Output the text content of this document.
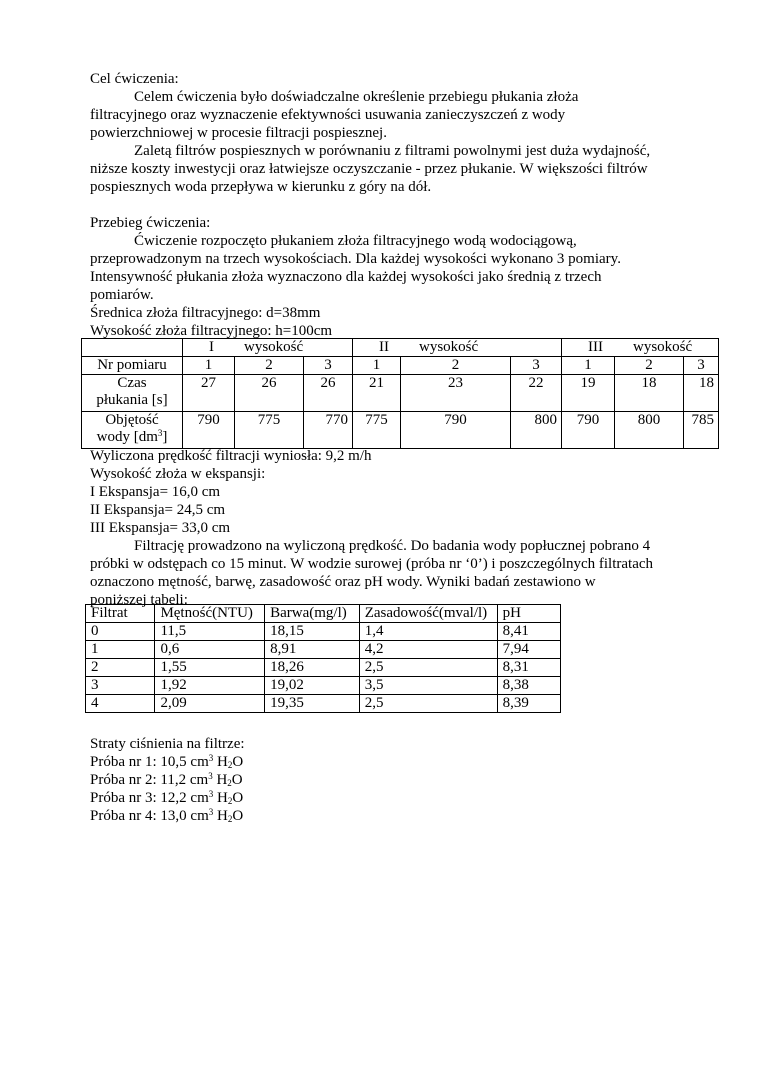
Cel ćwiczenia:

Celem ćwiczenia było doświadczalne określenie przebiegu płukania złoża

filtracyjnego oraz wyznaczenie efektywności usuwania zanieczyszczeń z wody

powierzchniowej w procesie filtracji pospiesznej.

Zaletą filtrów pospiesznych w porównaniu z filtrami powolnymi jest duża wydajność,

niższe koszty inwestycji oraz łatwiejsze oczyszczanie - przez płukanie. W większości filtrów

pospiesznych woda przepływa w kierunku z góry na dół.

Przebieg ćwiczenia:

Ćwiczenie rozpoczęto płukaniem złoża filtracyjnego wodą wodociągową,

przeprowadzonym na trzech wysokościach. Dla każdej wysokości wykonano 3 pomiary.

Intensywność płukania złoża wyznaczono dla każdej wysokości jako średnią z trzech

pomiarów.

Średnica złoża filtracyjnego: d=38mm

Wysokość złoża filtracyjnego: h=100cm

	I wysokość			II wysokość			III wysokość		
Nr pomiaru	1	2	3	1	2	3	1	2	3
Czas
płukania [s]	27	26	26	21	23	22	19	18	18
Objętość
wody $[dm^3]$	790	775	770	775	790	800	790	800	785

Wyliczona prędkość filtracji wyniosła: 9,2 m/h

Wysokość złoża w ekspansji:

I Ekspansja= 16,0 cm

II Ekspansja= 24,5 cm

III Ekspansja= 33,0 cm

Filtrację prowadzono na wyliczoną prędkość. Do badania wody popłucznej pobrano 4

próbki w odstępach co 15 minut. W wodzie surowej (próba nr ‘0’) i poszczególnych filtratach

oznaczono mętność, barwę, zasadowość oraz pH wody. Wyniki badań zestawiono w

poniższej tabeli:

Filtrat	Mętność(NTU)	Barwa(mg/l)	Zasadowość(mval/l)	pH
0	11,5	18,15	1,4	8,41
1	0,6	8,91	4,2	7,94
2	1,55	18,26	2,5	8,31
3	1,92	19,02	3,5	8,38
4	2,09	19,35	2,5	8,39

Straty ciśnienia na filtrze:

Próba nr 1: 10,5 $cm^3$ $H_2O$

Próba nr 2: 11,2 $cm^3$ $H_2O$

Próba nr 3: 12,2 $cm^3$ $H_2O$

Próba nr 4: 13,0 $cm^3$ $H_2O$
